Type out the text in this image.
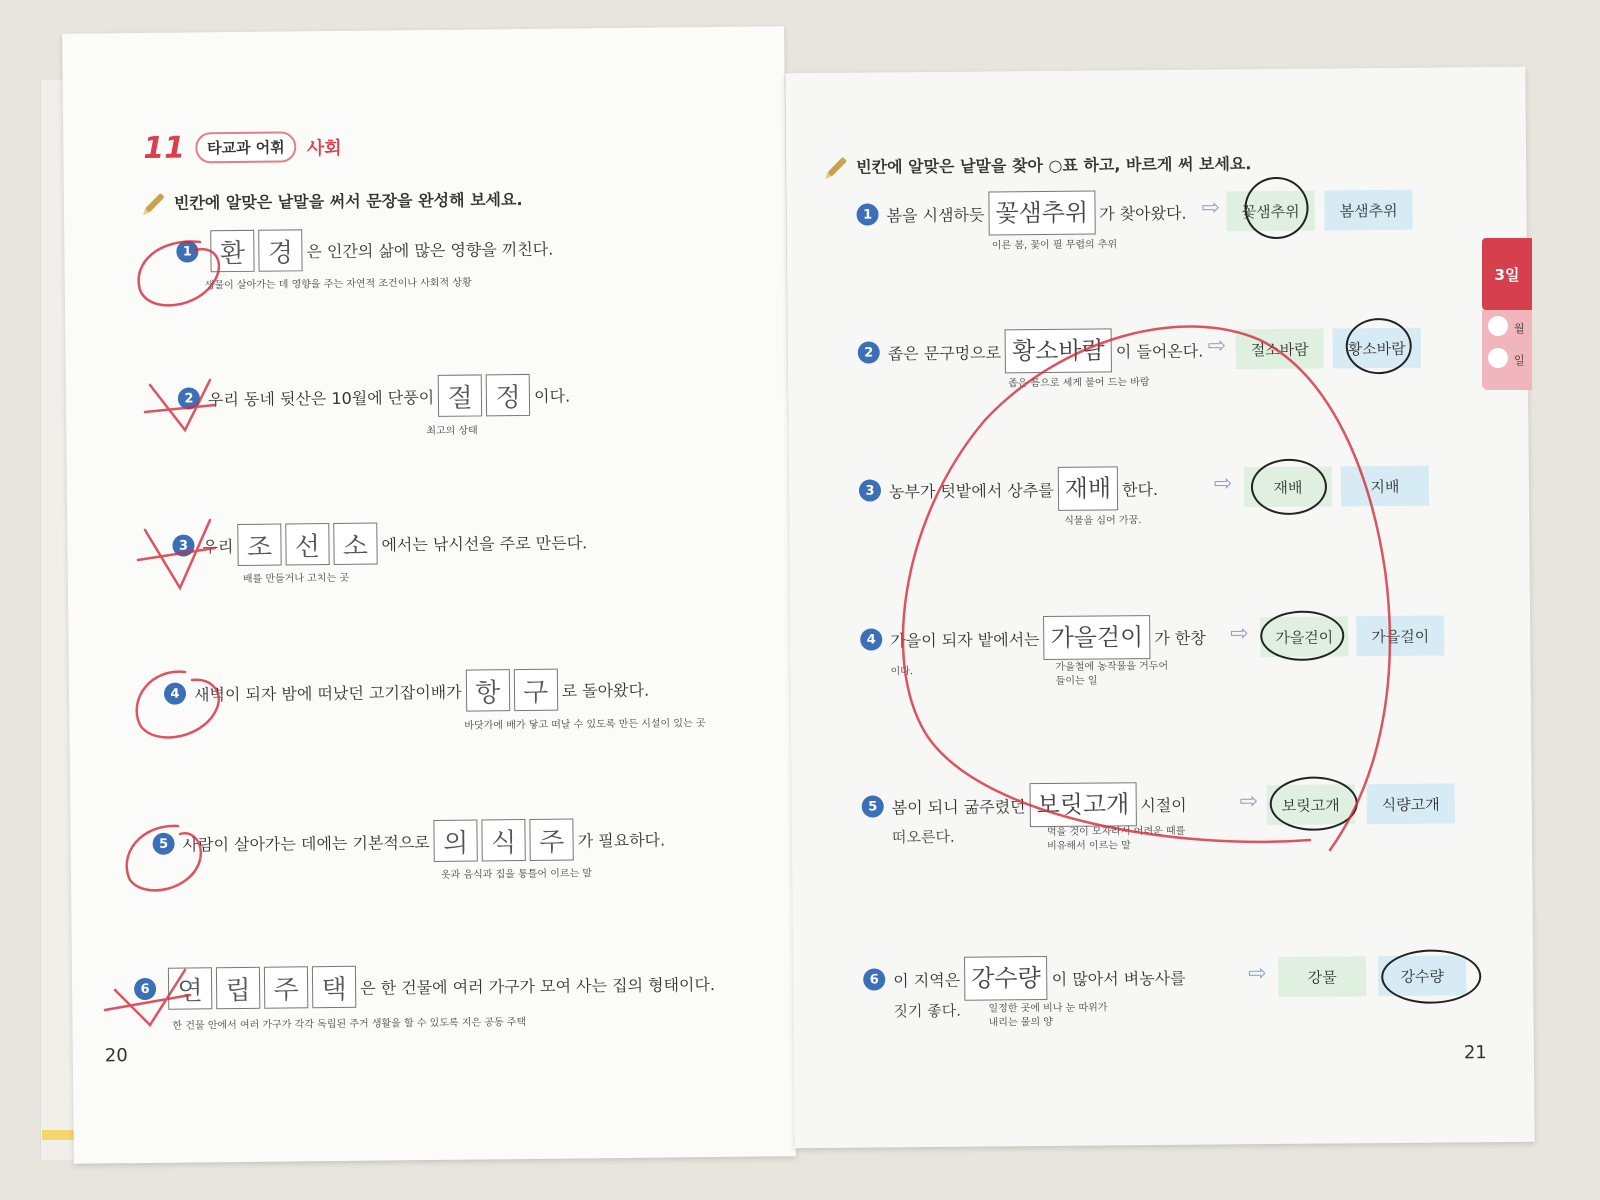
11	타교과 어휘	사회
빈칸에 알맞은 낱말을 써서 문장을 완성해 보세요.
1	환 경 은 인간의 삶에 많은 영향을 끼친다.
생물이 살아가는 데 영향을 주는 자연적 조건이나 사회적 상황
2 우리 동네 뒷산은 10월에 단풍이 절 정 이다.
최고의 상태
3 우리 조 선 소 에서는 낚시선을 주로 만든다.
배를 만들거나 고치는 곳
4 새벽이 되자 밤에 떠났던 고기잡이배가 항 구 로 돌아왔다.
바닷가에 배가 닿고 떠날 수 있도록 만든 시설이 있는 곳
5 사람이 살아가는 데에는 기본적으로 의 식 주 가 필요하다.
옷과 음식과 집을 통틀어 이르는 말
6	연 립 주 택 은 한 건물에 여러 가구가 모여 사는 집의 형태이다.
한 건물 안에서 여러 가구가 각각 독립된 주거 생활을 할 수 있도록 지은 공동 주택
20
빈칸에 알맞은 낱말을 찾아 ○표 하고, 바르게 써 보세요.
1 봄을 시샘하듯 꽃샘추위 가 찾아왔다.
이른 봄, 꽃이 필 무렵의 추위
⇨	꽃샘추위	봄샘추위
2 좁은 문구멍으로 황소바람 이 들어온다.
좁은 틈으로 세게 불어 드는 바람
⇨	절소바람	황소바람
3 농부가 텃밭에서 상추를 재배 한다.
식물을 심어 가꿈.
⇨	재배	지배
4 가을이 되자 밭에서는 가을걷이 가 한창
이다.	가을철에 농작물을 거두어
들이는 일
⇨	가을걷이	가을걸이
5 봄이 되니 굶주렸던 보릿고개 시절이
떠오른다.	먹을 것이 모자라서 어려운 때를
비유해서 이르는 말
⇨	보릿고개	식량고개
6 이 지역은 강수량 이 많아서 벼농사를
짓기 좋다.	일정한 곳에 비나 눈 따위가
내리는 물의 양
⇨	강물	강수량
21
3일
월
일
